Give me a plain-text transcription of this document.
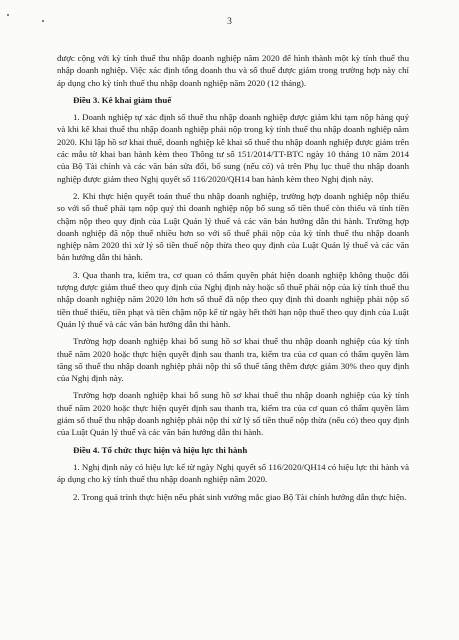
3

được cộng với kỳ tính thuế thu nhập doanh nghiệp năm 2020 để hình thành một kỳ tính thuế thu nhập doanh nghiệp. Việc xác định tổng doanh thu và số thuế được giảm trong trường hợp này chỉ áp dụng cho kỳ tính thuế thu nhập doanh nghiệp năm 2020 (12 tháng).

Điều 3. Kê khai giảm thuế

1. Doanh nghiệp tự xác định số thuế thu nhập doanh nghiệp được giảm khi tạm nộp hàng quý và khi kê khai thuế thu nhập doanh nghiệp phải nộp trong kỳ tính thuế thu nhập doanh nghiệp năm 2020. Khi lập hồ sơ khai thuế, doanh nghiệp kê khai số thuế thu nhập doanh nghiệp được giảm trên các mẫu tờ khai ban hành kèm theo Thông tư số 151/2014/TT-BTC ngày 10 tháng 10 năm 2014 của Bộ Tài chính và các văn bản sửa đổi, bổ sung (nếu có) và trên Phụ lục thuế thu nhập doanh nghiệp được giảm theo Nghị quyết số 116/2020/QH14 ban hành kèm theo Nghị định này.

2. Khi thực hiện quyết toán thuế thu nhập doanh nghiệp, trường hợp doanh nghiệp nộp thiếu so với số thuế phải tạm nộp quý thì doanh nghiệp nộp bổ sung số tiền thuế còn thiếu và tính tiền chậm nộp theo quy định của Luật Quản lý thuế và các văn bản hướng dẫn thi hành. Trường hợp doanh nghiệp đã nộp thuế nhiều hơn so với số thuế phải nộp của kỳ tính thuế thu nhập doanh nghiệp năm 2020 thì xử lý số tiền thuế nộp thừa theo quy định của Luật Quản lý thuế và các văn bản hướng dẫn thi hành.

3. Qua thanh tra, kiểm tra, cơ quan có thẩm quyền phát hiện doanh nghiệp không thuộc đối tượng được giảm thuế theo quy định của Nghị định này hoặc số thuế phải nộp của kỳ tính thuế thu nhập doanh nghiệp năm 2020 lớn hơn số thuế đã nộp theo quy định thì doanh nghiệp phải nộp số tiền thuế thiếu, tiền phạt và tiền chậm nộp kể từ ngày hết thời hạn nộp thuế theo quy định của Luật Quản lý thuế và các văn bản hướng dẫn thi hành.

Trường hợp doanh nghiệp khai bổ sung hồ sơ khai thuế thu nhập doanh nghiệp của kỳ tính thuế năm 2020 hoặc thực hiện quyết định sau thanh tra, kiểm tra của cơ quan có thẩm quyền làm tăng số thuế thu nhập doanh nghiệp phải nộp thì số thuế tăng thêm được giảm 30% theo quy định của Nghị định này.

Trường hợp doanh nghiệp khai bổ sung hồ sơ khai thuế thu nhập doanh nghiệp của kỳ tính thuế năm 2020 hoặc thực hiện quyết định sau thanh tra, kiểm tra của cơ quan có thẩm quyền làm giảm số thuế thu nhập doanh nghiệp phải nộp thì xử lý số tiền thuế nộp thừa (nếu có) theo quy định của Luật Quản lý thuế và các văn bản hướng dẫn thi hành.

Điều 4. Tổ chức thực hiện và hiệu lực thi hành

1. Nghị định này có hiệu lực kể từ ngày Nghị quyết số 116/2020/QH14 có hiệu lực thi hành và áp dụng cho kỳ tính thuế thu nhập doanh nghiệp năm 2020.

2. Trong quá trình thực hiện nếu phát sinh vướng mắc giao Bộ Tài chính hướng dẫn thực hiện.
